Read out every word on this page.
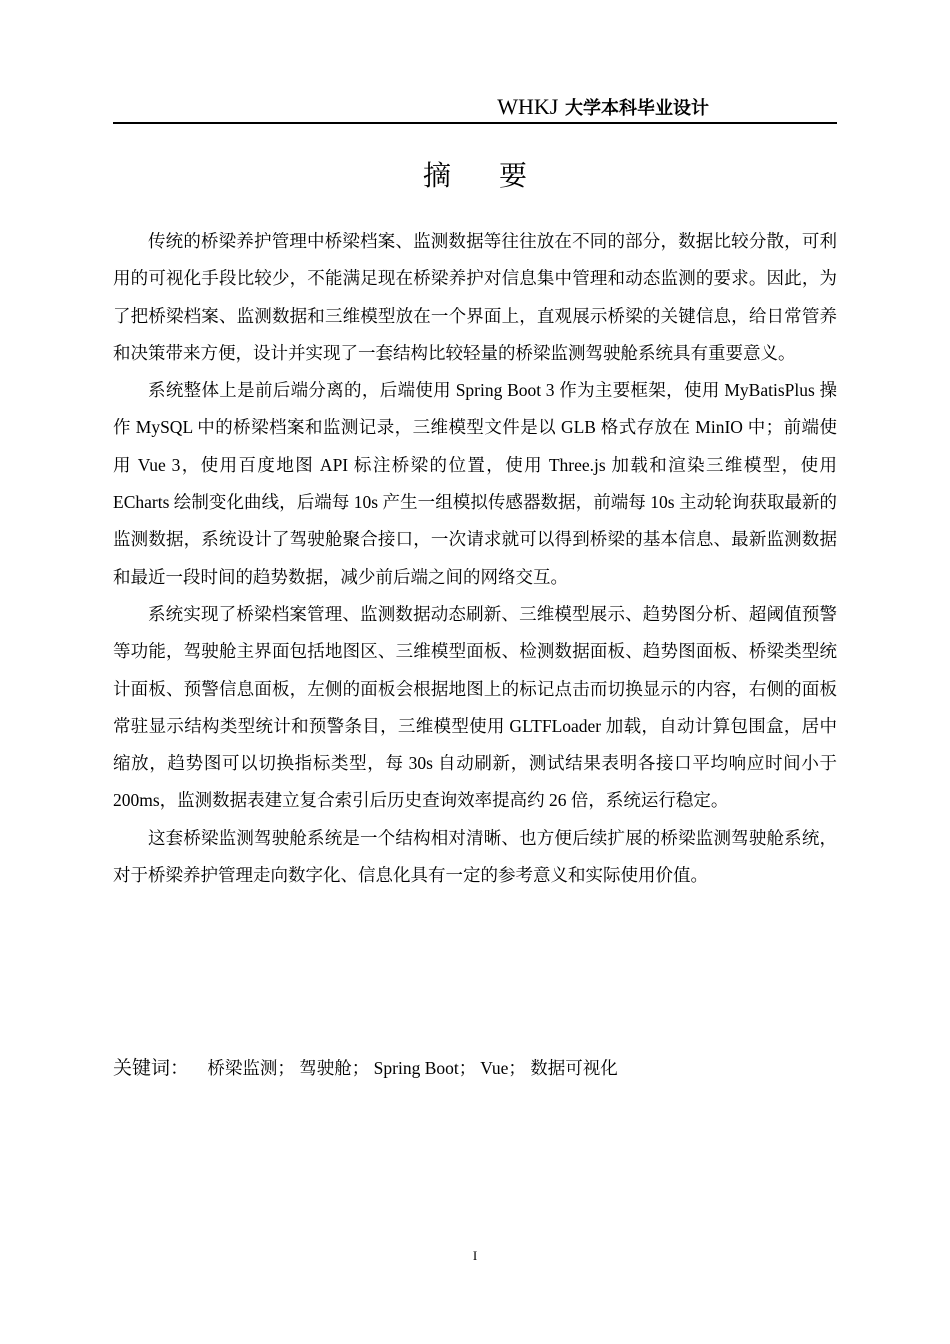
WHKJ 大学本科毕业设计
摘要

传统的桥梁养护管理中桥梁档案、监测数据等往往放在不同的部分，数据比较分散，可利用的可视化手段比较少，不能满足现在桥梁养护对信息集中管理和动态监测的要求。因此，为了把桥梁档案、监测数据和三维模型放在一个界面上，直观展示桥梁的关键信息，给日常管养和决策带来方便，设计并实现了一套结构比较轻量的桥梁监测驾驶舱系统具有重要意义。

系统整体上是前后端分离的，后端使用 Spring Boot 3 作为主要框架，使用 MyBatisPlus 操作 MySQL 中的桥梁档案和监测记录，三维模型文件是以 GLB 格式存放在 MinIO 中；前端使用 Vue 3，使用百度地图 API 标注桥梁的位置，使用 Three.js 加载和渲染三维模型，使用 ECharts 绘制变化曲线，后端每 10s 产生一组模拟传感器数据，前端每 10s 主动轮询获取最新的监测数据，系统设计了驾驶舱聚合接口，一次请求就可以得到桥梁的基本信息、最新监测数据和最近一段时间的趋势数据，减少前后端之间的网络交互。

系统实现了桥梁档案管理、监测数据动态刷新、三维模型展示、趋势图分析、超阈值预警等功能，驾驶舱主界面包括地图区、三维模型面板、检测数据面板、趋势图面板、桥梁类型统计面板、预警信息面板，左侧的面板会根据地图上的标记点击而切换显示的内容，右侧的面板常驻显示结构类型统计和预警条目，三维模型使用 GLTFLoader 加载，自动计算包围盒，居中缩放，趋势图可以切换指标类型，每 30s 自动刷新，测试结果表明各接口平均响应时间小于 200ms，监测数据表建立复合索引后历史查询效率提高约 26 倍，系统运行稳定。

这套桥梁监测驾驶舱系统是一个结构相对清晰、也方便后续扩展的桥梁监测驾驶舱系统，对于桥梁养护管理走向数字化、信息化具有一定的参考意义和实际使用价值。

关键词： 桥梁监测； 驾驶舱； Spring Boot； Vue； 数据可视化
I
